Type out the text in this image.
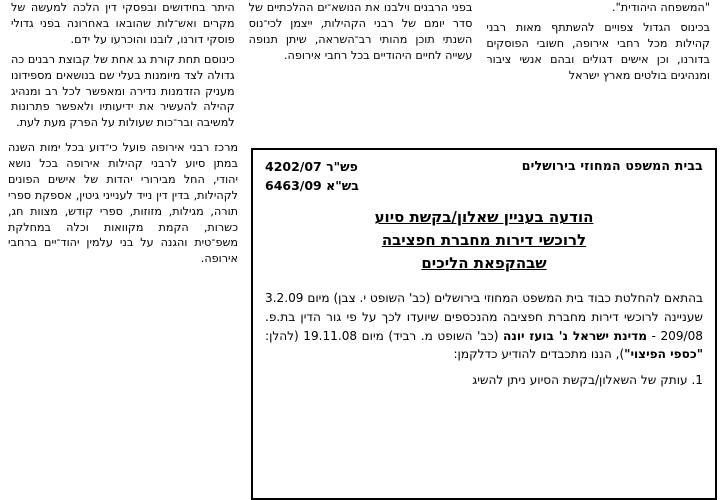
"המשפחה היהודית".

בכינוס הגדול צפויים להשתתף מאות רבני קהילות מכל רחבי אירופה, חשובי הפוסקים בדורנו, וכן אישים דגולים ובהם אנשי ציבור ומנהיגים בולטים מארץ ישראל

בפני הרבנים וילבנו את הנושא־ים ההלכתיים של סדר יומם של רבני הקהילות, ייצמן לכי־נוס השנתי תוכן מהותי רב־השראה, שיתן תנופה עשייה לחיים היהודיים בכל רחבי אירופה.

היתר בחידושים ובפסקי דין הלכה למעשה של מקרים ואש־לות שהובאו באחרונה בפני גדולי פוסקי דורנו, לובנו והוכרעו על ידם.

כינוסם תחת קורת גג אחת של קבוצת רבנים כה גדולה לצד מיומנות בעלי שם בנושאים מספידונו מעניק הזדמנות נדירה ומאפשר לכל רב ומנהיג קהילה להעשיר את ידיעותיו ולאפשר פתרונות למשיבה ובר־כות שעולות על הפרק מעת לעת.

בבית המשפט המחוזי בירושלים
פש"ר 4202/07
בש"א 6463/09
הודעה בעניין שאלון/בקשת סיוע
לרוכשי דירות מחברת חפציבה
שבהקפאת הליכים

בהתאם להחלטת כבוד בית המשפט המחוזי בירושלים (כב' השופט י. צבן) מיום 3.2.09 שעניינה לרוכשי דירות מחברת חפציבה מהנכספים שיועדו לכך על פי גור הדין בת.פ. 209/08 - מדינת ישראל נ' בועז יונה (כב' השופט מ. רביד) מיום 19.11.08 (להלן: "כספי הפיצוי"), הננו מתכבדים להודיע כדלקמן:

1. עותק של השאלון/בקשת הסיוע ניתן להשיג

מרכז רבני אירופה פועל כי־דוע בכל ימות השנה במתן סיוע לרבני קהילות אירופה בכל נושא יהודי, החל מבירורי יהדות של אישים הפונים לקהילות, בדין דין נייד לענייני גיטין, אספקת ספרי תורה, מגילות, מזוזות, ספרי קודש, מצוות חג, כשרות, הקמת מקוואות וכלה במחלקת משפ־טית והגנה על בני עלמין יהוד־יים ברחבי אירופה.
